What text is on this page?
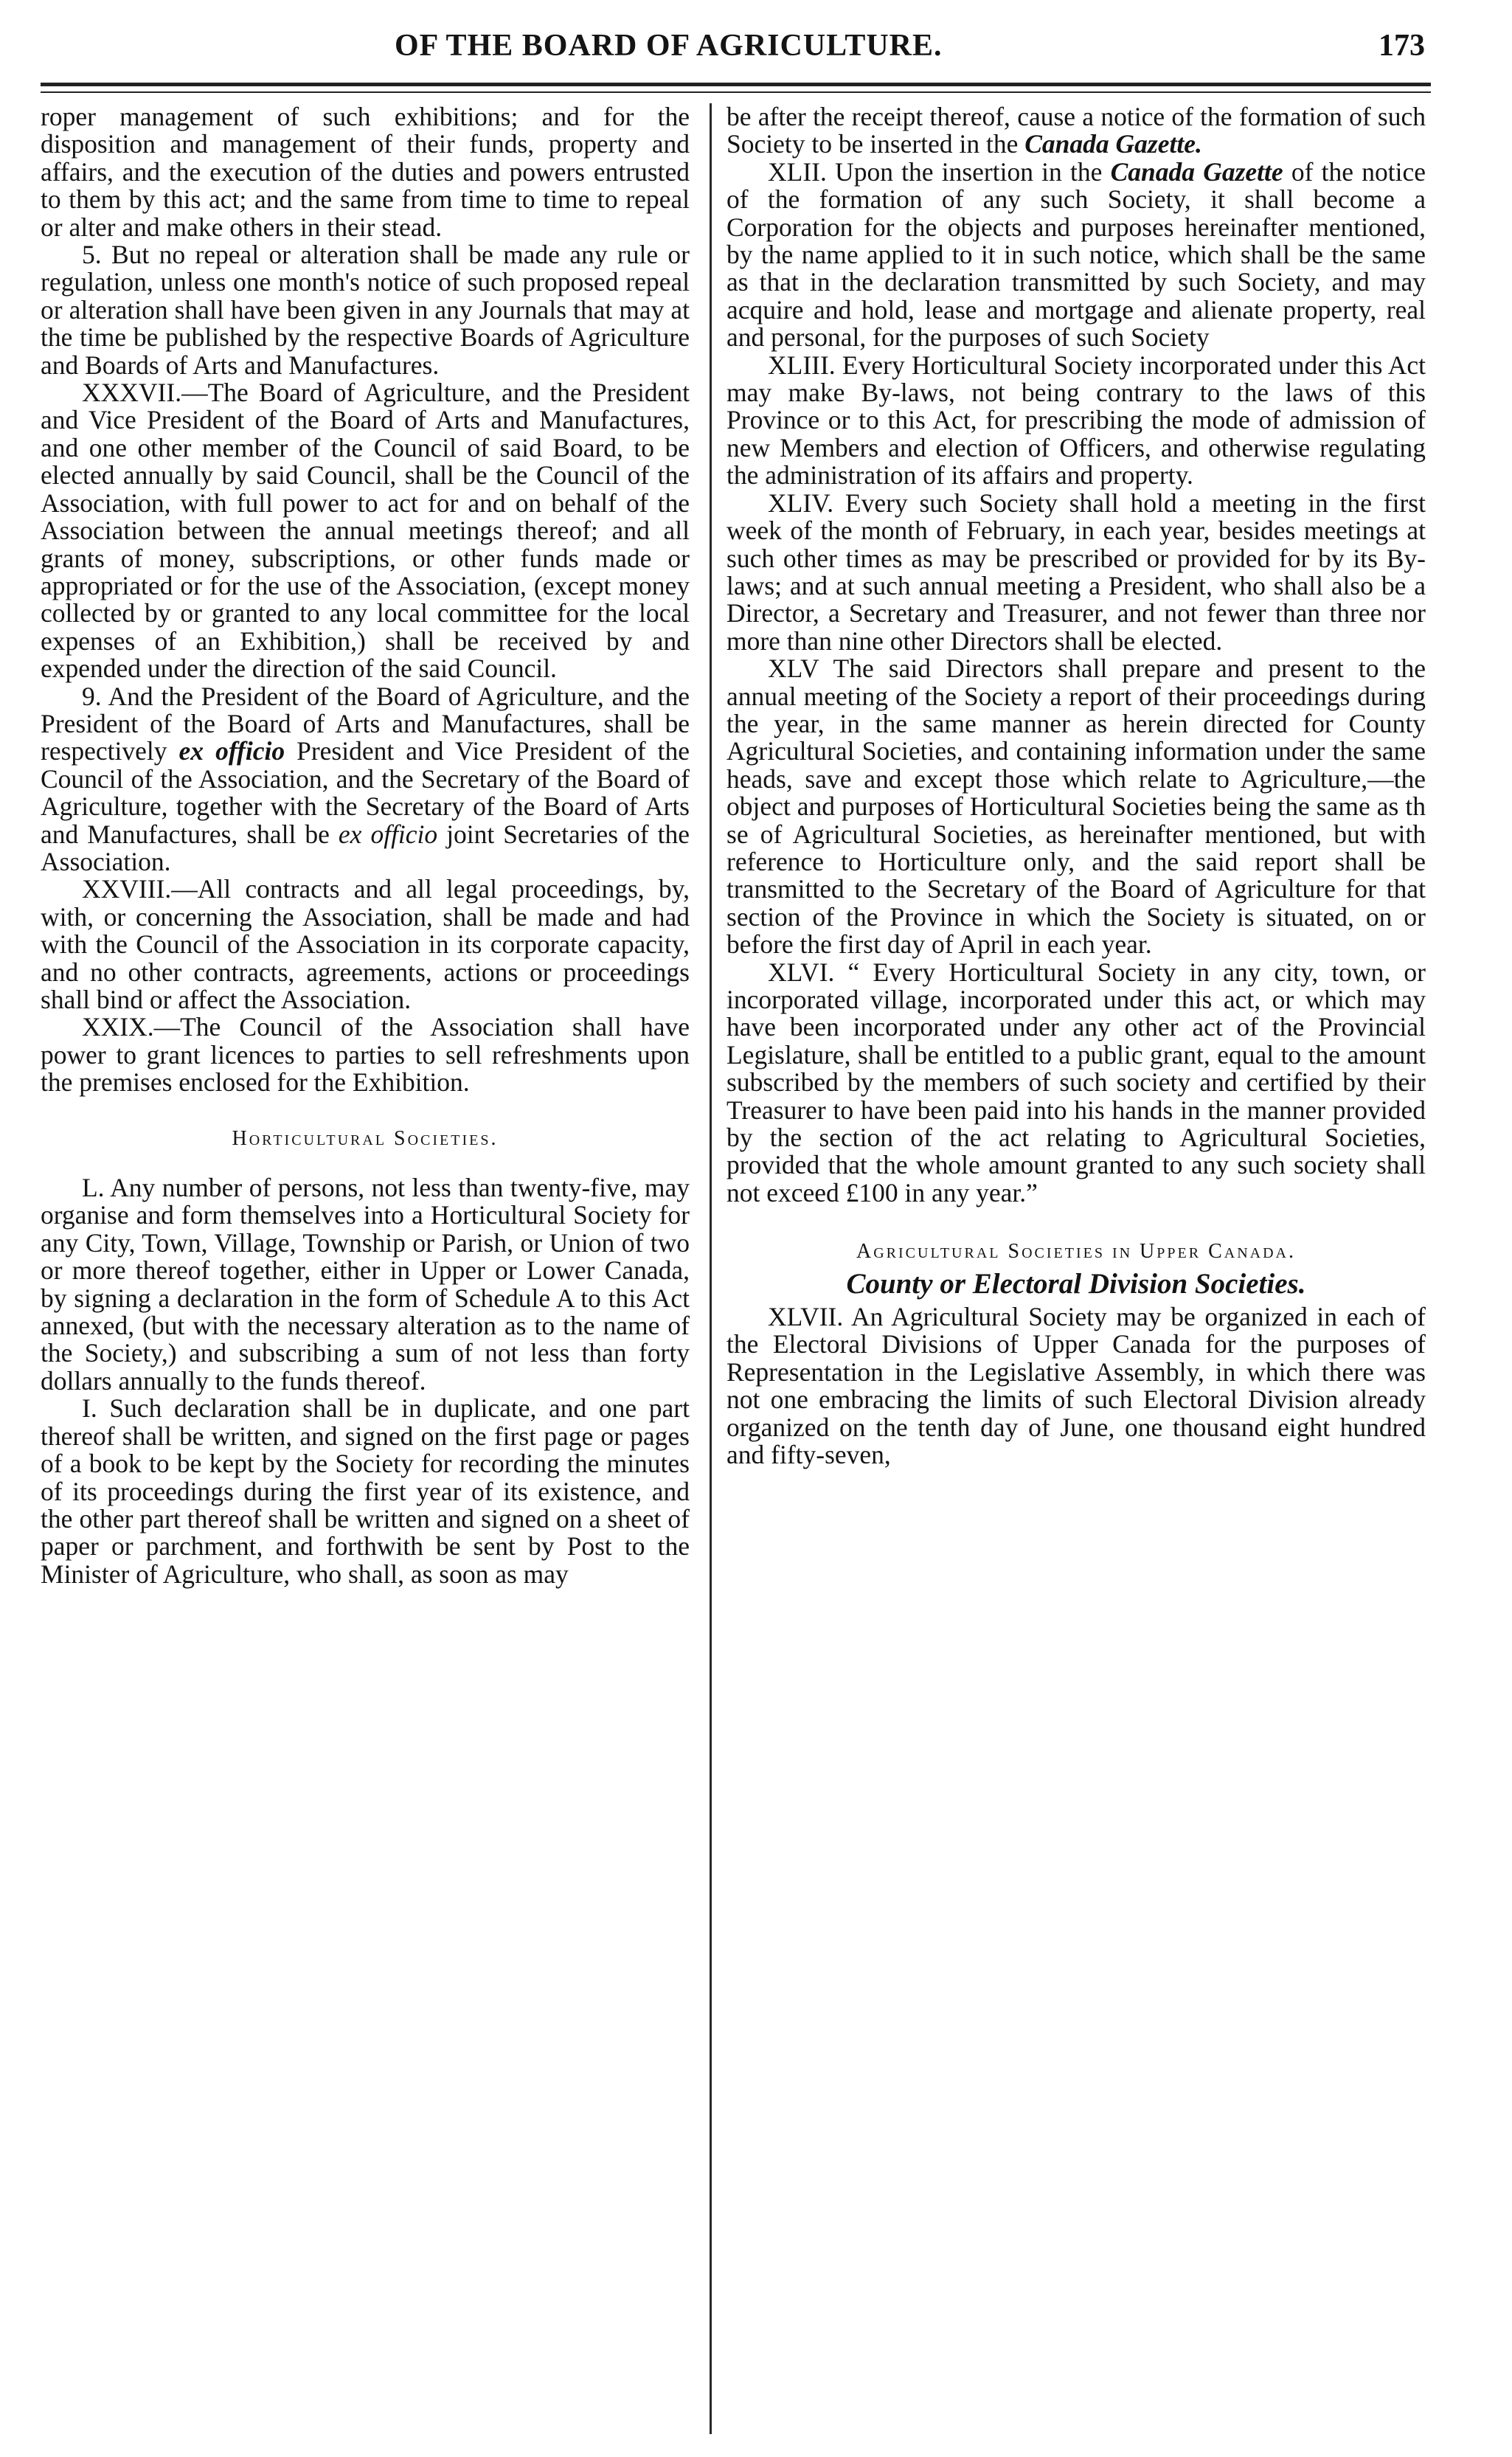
OF THE BOARD OF AGRICULTURE.	173

roper management of such exhibitions; and for the disposition and management of their funds, property and affairs, and the execution of the duties and powers entrusted to them by this act; and the same from time to time to repeal or alter and make others in their stead.

5. But no repeal or alteration shall be made any rule or regulation, unless one month's notice of such proposed repeal or alteration shall have been given in any Journals that may at the time be published by the respective Boards of Agriculture and Boards of Arts and Manufactures.

XXXVII.—The Board of Agriculture, and the President and Vice President of the Board of Arts and Manufactures, and one other member of the Council of said Board, to be elected annually by said Council, shall be the Council of the Association, with full power to act for and on behalf of the Association between the annual meetings thereof; and all grants of money, subscriptions, or other funds made or appropriated or for the use of the Association, (except money collected by or granted to any local committee for the local expenses of an Exhibition,) shall be received by and expended under the direction of the said Council.

9. And the President of the Board of Agriculture, and the President of the Board of Arts and Manufactures, shall be respectively ex officio President and Vice President of the Council of the Association, and the Secretary of the Board of Agriculture, together with the Secretary of the Board of Arts and Manufactures, shall be ex officio joint Secretaries of the Association.

XXVIII.—All contracts and all legal proceedings, by, with, or concerning the Association, shall be made and had with the Council of the Association in its corporate capacity, and no other contracts, agreements, actions or proceedings shall bind or affect the Association.

XXIX.—The Council of the Association shall have power to grant licences to parties to sell refreshments upon the premises enclosed for the Exhibition.

Horticultural Societies.

L. Any number of persons, not less than twenty-five, may organise and form themselves into a Horticultural Society for any City, Town, Village, Township or Parish, or Union of two or more thereof together, either in Upper or Lower Canada, by signing a declaration in the form of Schedule A to this Act annexed, (but with the necessary alteration as to the name of the Society,) and subscribing a sum of not less than forty dollars annually to the funds thereof.

I. Such declaration shall be in duplicate, and one part thereof shall be written, and signed on the first page or pages of a book to be kept by the Society for recording the minutes of its proceedings during the first year of its existence, and the other part thereof shall be written and signed on a sheet of paper or parchment, and forthwith be sent by Post to the Minister of Agriculture, who shall, as soon as may

be after the receipt thereof, cause a notice of the formation of such Society to be inserted in the Canada Gazette.

XLII. Upon the insertion in the Canada Gazette of the notice of the formation of any such Society, it shall become a Corporation for the objects and purposes hereinafter mentioned, by the name applied to it in such notice, which shall be the same as that in the declaration transmitted by such Society, and may acquire and hold, lease and mortgage and alienate property, real and personal, for the purposes of such Society

XLIII. Every Horticultural Society incorporated under this Act may make By-laws, not being contrary to the laws of this Province or to this Act, for prescribing the mode of admission of new Members and election of Officers, and otherwise regulating the administration of its affairs and property.

XLIV. Every such Society shall hold a meeting in the first week of the month of February, in each year, besides meetings at such other times as may be prescribed or provided for by its By-laws; and at such annual meeting a President, who shall also be a Director, a Secretary and Treasurer, and not fewer than three nor more than nine other Directors shall be elected.

XLV The said Directors shall prepare and present to the annual meeting of the Society a report of their proceedings during the year, in the same manner as herein directed for County Agricultural Societies, and containing information under the same heads, save and except those which relate to Agriculture,—the object and purposes of Horticultural Societies being the same as th se of Agricultural Societies, as hereinafter mentioned, but with reference to Horticulture only, and the said report shall be transmitted to the Secretary of the Board of Agriculture for that section of the Province in which the Society is situated, on or before the first day of April in each year.

XLVI. “ Every Horticultural Society in any city, town, or incorporated village, incorporated under this act, or which may have been incorporated under any other act of the Provincial Legislature, shall be entitled to a public grant, equal to the amount subscribed by the members of such society and certified by their Treasurer to have been paid into his hands in the manner provided by the section of the act relating to Agricultural Societies, provided that the whole amount granted to any such society shall not exceed £100 in any year.”

Agricultural Societies in Upper Canada.
County or Electoral Division Societies.

XLVII. An Agricultural Society may be organized in each of the Electoral Divisions of Upper Canada for the purposes of Representation in the Legislative Assembly, in which there was not one embracing the limits of such Electoral Division already organized on the tenth day of June, one thousand eight hundred and fifty-seven,
